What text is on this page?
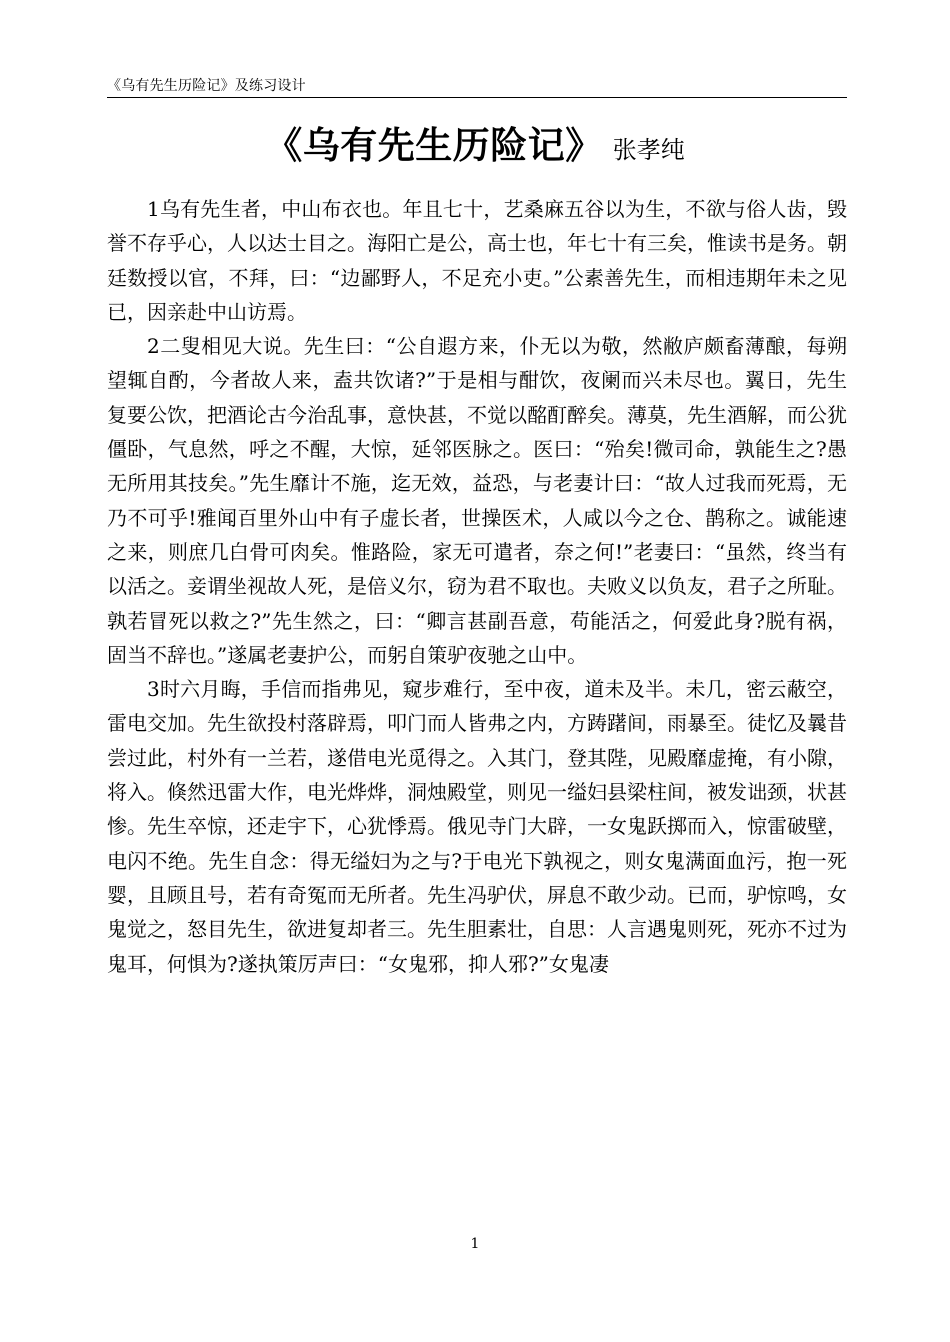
《乌有先生历险记》及练习设计
《乌有先生历险记》 张孝纯

1乌有先生者，中山布衣也。年且七十，艺桑麻五谷以为生，不欲与俗人齿，毁誉不存乎心，人以达士目之。海阳亡是公，高士也，年七十有三矣，惟读书是务。朝廷数授以官，不拜，曰：“边鄙野人，不足充小吏。”公素善先生，而相违期年未之见已，因亲赴中山访焉。

2二叟相见大说。先生曰：“公自遐方来，仆无以为敬，然敝庐颇畜薄酿，每朔望辄自酌，今者故人来，盍共饮诸?”于是相与酣饮，夜阑而兴未尽也。翼日，先生复要公饮，把酒论古今治乱事，意快甚，不觉以酩酊醉矣。薄莫，先生酒解，而公犹僵卧，气息然，呼之不醒，大惊，延邻医脉之。医曰：“殆矣!微司命，孰能生之?愚无所用其技矣。”先生靡计不施，迄无效，益恐，与老妻计曰：“故人过我而死焉，无乃不可乎!雅闻百里外山中有子虚长者，世操医术，人咸以今之仓、鹊称之。诚能速之来，则庶几白骨可肉矣。惟路险，家无可遣者，奈之何!”老妻曰：“虽然，终当有以活之。妾谓坐视故人死，是倍义尔，窃为君不取也。夫败义以负友，君子之所耻。孰若冒死以救之?”先生然之，曰：“卿言甚副吾意，苟能活之，何爱此身?脱有祸，固当不辞也。”遂属老妻护公，而躬自策驴夜驰之山中。

3时六月晦，手信而指弗见，窥步难行，至中夜，道未及半。未几，密云蔽空，雷电交加。先生欲投村落辟焉，叩门而人皆弗之内，方踌躇间，雨暴至。徒忆及曩昔尝过此，村外有一兰若，遂借电光觅得之。入其门，登其陛，见殿靡虚掩，有小隙，将入。倏然迅雷大作，电光烨烨，洞烛殿堂，则见一缢妇县梁柱间，被发诎颈，状甚惨。先生卒惊，还走宇下，心犹悸焉。俄见寺门大辟，一女鬼跃掷而入，惊雷破壁，电闪不绝。先生自念：得无缢妇为之与?于电光下孰视之，则女鬼满面血污，抱一死婴，且顾且号，若有奇冤而无所者。先生冯驴伏，屏息不敢少动。已而，驴惊鸣，女鬼觉之，怒目先生，欲进复却者三。先生胆素壮，自思：人言遇鬼则死，死亦不过为鬼耳，何惧为?遂执策厉声曰：“女鬼邪，抑人邪?”女鬼凄

1
